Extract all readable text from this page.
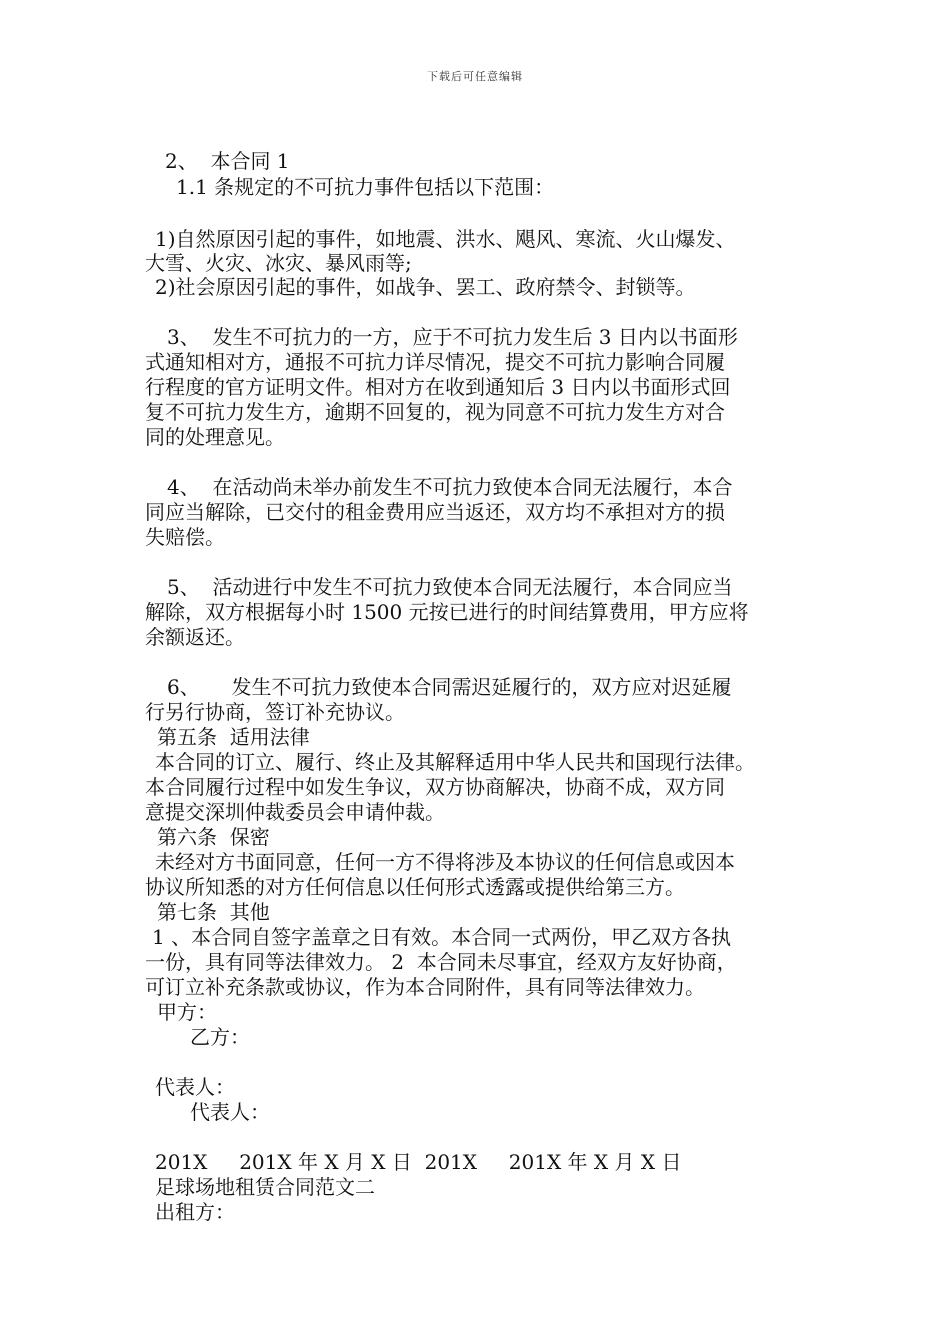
下载后可任意编辑
2、  本合同 1
1.1 条规定的不可抗力事件包括以下范围：
1)自然原因引起的事件，如地震、洪水、飓风、寒流、火山爆发、
大雪、火灾、冰灾、暴风雨等;
2)社会原因引起的事件，如战争、罢工、政府禁令、封锁等。
3、  发生不可抗力的一方，应于不可抗力发生后 3 日内以书面形
式通知相对方，通报不可抗力详尽情况，提交不可抗力影响合同履
行程度的官方证明文件。相对方在收到通知后 3 日内以书面形式回
复不可抗力发生方，逾期不回复的，视为同意不可抗力发生方对合
同的处理意见。
4、  在活动尚未举办前发生不可抗力致使本合同无法履行，本合
同应当解除，已交付的租金费用应当返还，双方均不承担对方的损
失赔偿。
5、  活动进行中发生不可抗力致使本合同无法履行，本合同应当
解除，双方根据每小时 1500 元按已进行的时间结算费用，甲方应将
余额返还。
6、     发生不可抗力致使本合同需迟延履行的，双方应对迟延履
行另行协商，签订补充协议。
第五条  适用法律
本合同的订立、履行、终止及其解释适用中华人民共和国现行法律。
本合同履行过程中如发生争议，双方协商解决，协商不成，双方同
意提交深圳仲裁委员会申请仲裁。
第六条  保密
未经对方书面同意，任何一方不得将涉及本协议的任何信息或因本
协议所知悉的对方任何信息以任何形式透露或提供给第三方。
第七条  其他
1 、本合同自签字盖章之日有效。本合同一式两份，甲乙双方各执
一份，具有同等法律效力。 2  本合同未尽事宜，经双方友好协商，
可订立补充条款或协议，作为本合同附件，具有同等法律效力。
甲方：
乙方：
代表人：
代表人：
201X     201X 年 X 月 X 日  201X     201X 年 X 月 X 日
足球场地租赁合同范文二
出租方：
